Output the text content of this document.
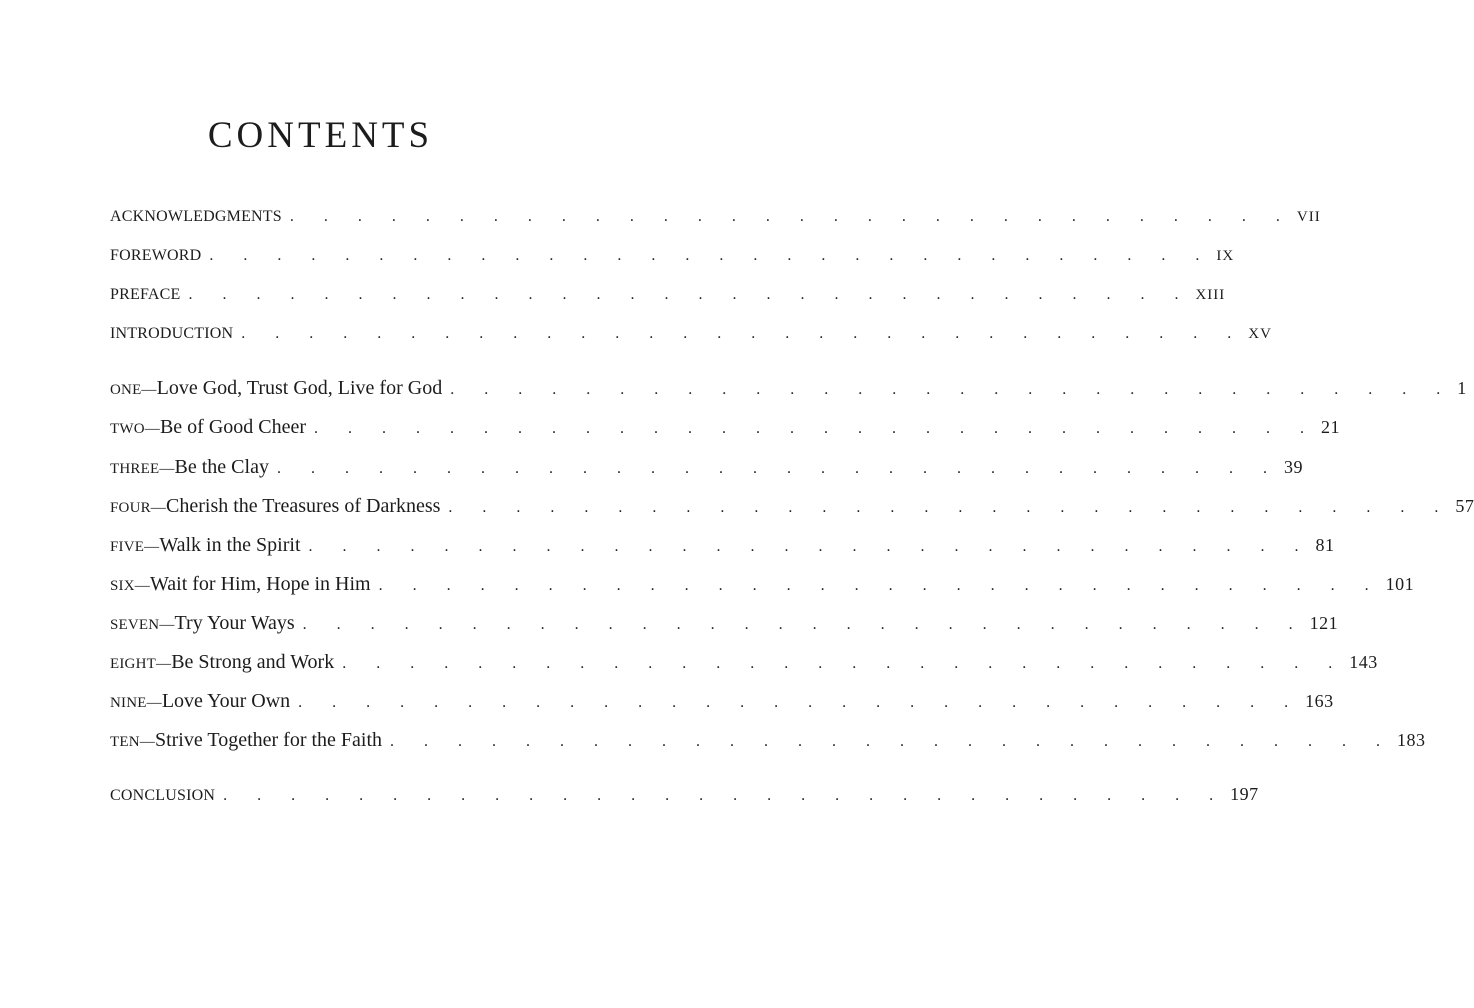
CONTENTS
ACKNOWLEDGMENTS . . . . . . . . . . . . . . . . . . . . . . . . . . . . . . VII
FOREWORD . . . . . . . . . . . . . . . . . . . . . . . . . . . . . . IX
PREFACE . . . . . . . . . . . . . . . . . . . . . . . . . . . . . . XIII
INTRODUCTION . . . . . . . . . . . . . . . . . . . . . . . . . . . . . . XV
ONE—Love God, Trust God, Live for God . . . . . . . . . . . . . . . . . . . . . . . . . . . . . . 1
TWO—Be of Good Cheer . . . . . . . . . . . . . . . . . . . . . . . . . . . . . . 21
THREE—Be the Clay . . . . . . . . . . . . . . . . . . . . . . . . . . . . . . 39
FOUR—Cherish the Treasures of Darkness . . . . . . . . . . . . . . . . . . . . . . . . . . . . . . 57
FIVE—Walk in the Spirit . . . . . . . . . . . . . . . . . . . . . . . . . . . . . . 81
SIX—Wait for Him, Hope in Him . . . . . . . . . . . . . . . . . . . . . . . . . . . . . . 101
SEVEN—Try Your Ways . . . . . . . . . . . . . . . . . . . . . . . . . . . . . . 121
EIGHT—Be Strong and Work . . . . . . . . . . . . . . . . . . . . . . . . . . . . . . 143
NINE—Love Your Own . . . . . . . . . . . . . . . . . . . . . . . . . . . . . . 163
TEN—Strive Together for the Faith . . . . . . . . . . . . . . . . . . . . . . . . . . . . . . 183
CONCLUSION . . . . . . . . . . . . . . . . . . . . . . . . . . . . . . 197
